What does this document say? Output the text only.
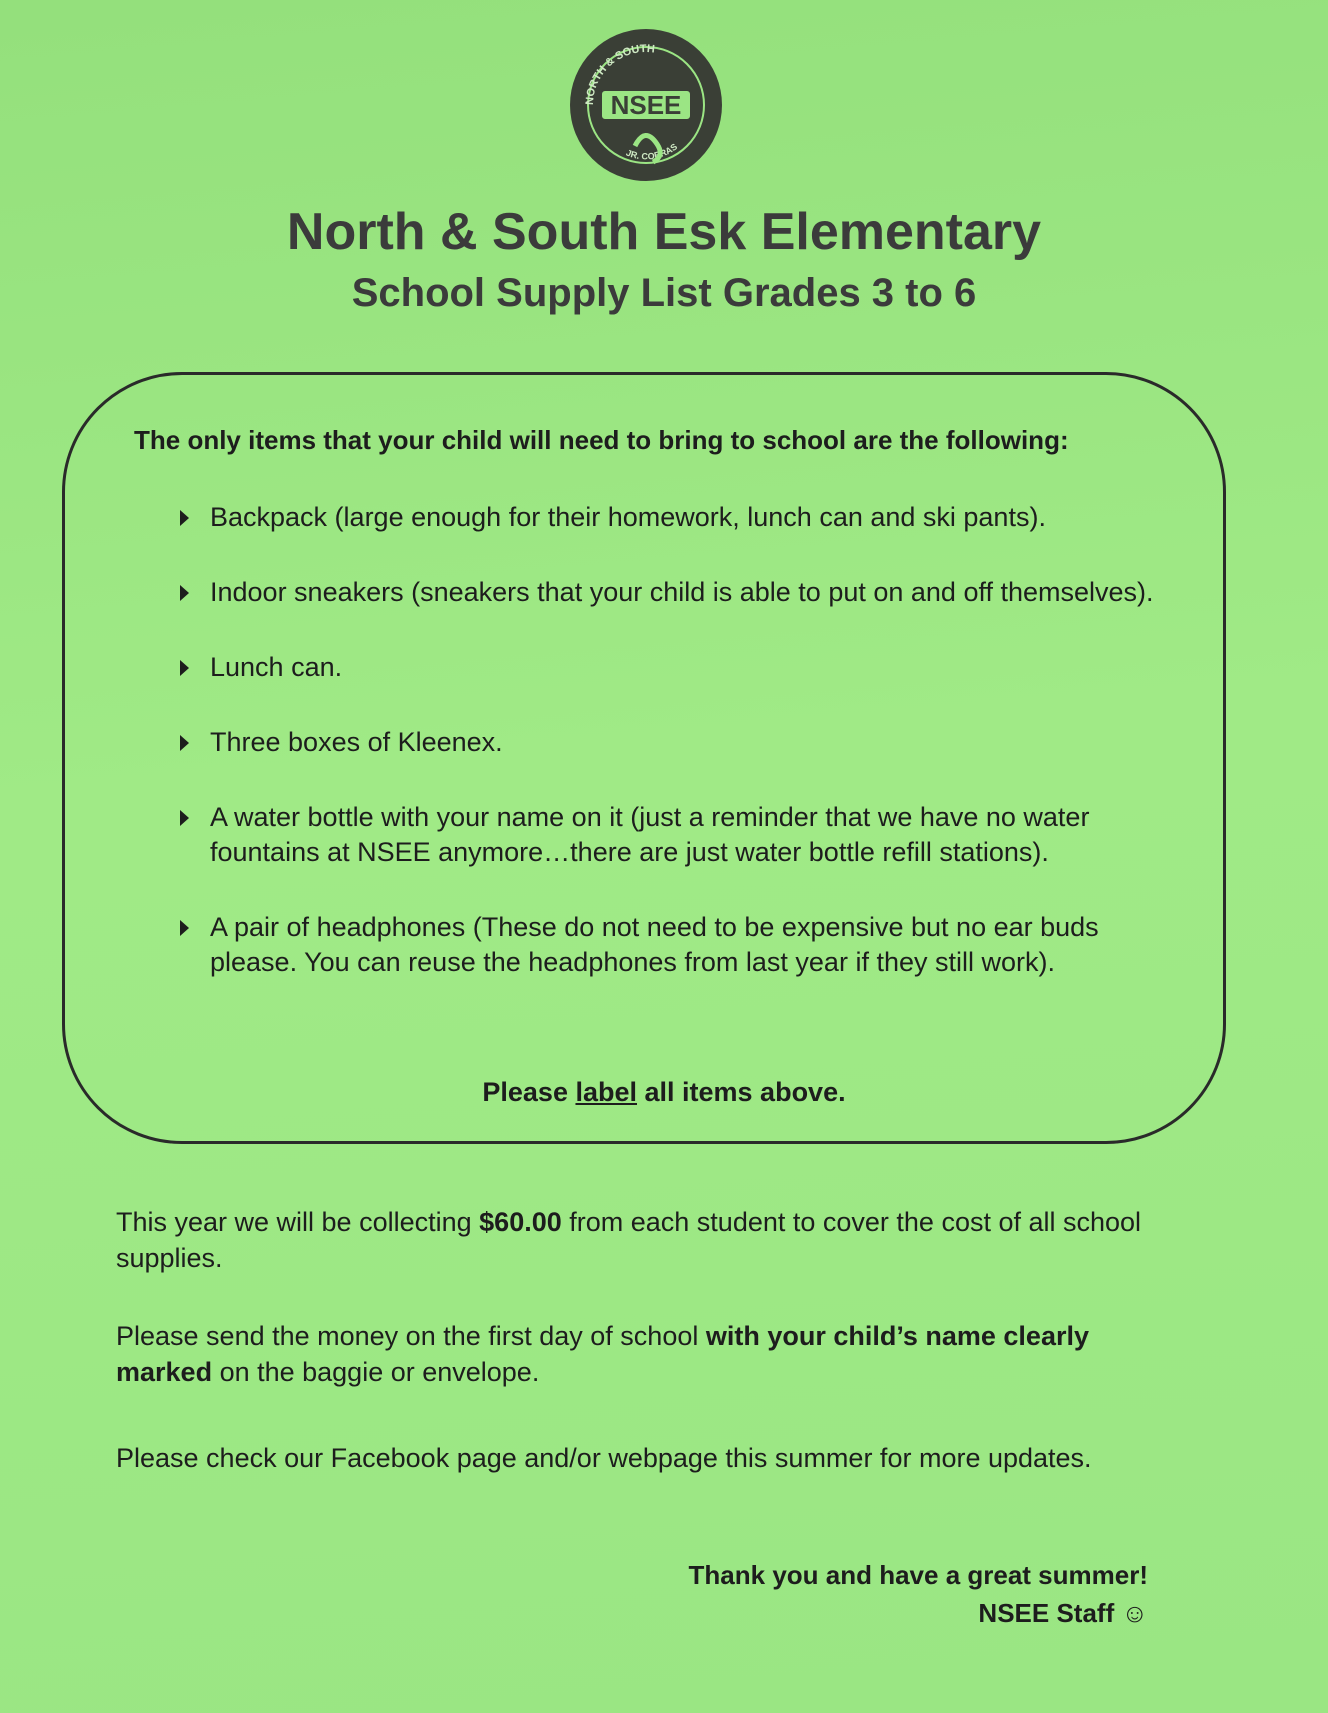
NORTH & SOUTH
JR. COBRAS
NSEE
North & South Esk Elementary
School Supply List Grades 3 to 6
The only items that your child will need to bring to school are the following:
Backpack (large enough for their homework, lunch can and ski pants).
Indoor sneakers (sneakers that your child is able to put on and off themselves).
Lunch can.
Three boxes of Kleenex.
A water bottle with your name on it (just a reminder that we have no water fountains at NSEE anymore…there are just water bottle refill stations).
A pair of headphones (These do not need to be expensive but no ear buds please. You can reuse the headphones from last year if they still work).
Please label all items above.
This year we will be collecting $60.00 from each student to cover the cost of all school supplies.
Please send the money on the first day of school with your child’s name clearly marked on the baggie or envelope.
Please check our Facebook page and/or webpage this summer for more updates.
Thank you and have a great summer!
NSEE Staff ☺
